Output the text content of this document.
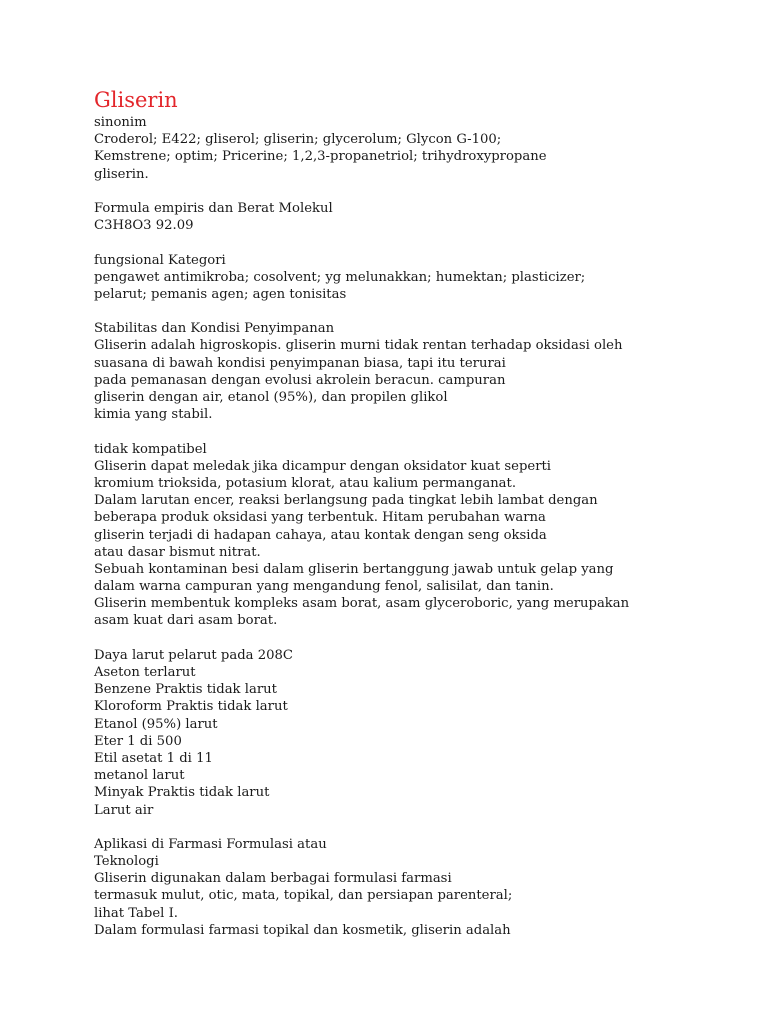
Gliserin
sinonim
Croderol; E422; gliserol; gliserin; glycerolum; Glycon G-100;
Kemstrene; optim; Pricerine; 1,2,3-propanetriol; trihydroxypropane
gliserin.
Formula empiris dan Berat Molekul
C3H8O3 92.09
fungsional Kategori
pengawet antimikroba; cosolvent; yg melunakkan; humektan; plasticizer;
pelarut; pemanis agen; agen tonisitas
Stabilitas dan Kondisi Penyimpanan
Gliserin adalah higroskopis. gliserin murni tidak rentan terhadap oksidasi oleh
suasana di bawah kondisi penyimpanan biasa, tapi itu terurai
pada pemanasan dengan evolusi akrolein beracun. campuran
gliserin dengan air, etanol (95%), dan propilen glikol
kimia yang stabil.
tidak kompatibel
Gliserin dapat meledak jika dicampur dengan oksidator kuat seperti
kromium trioksida, potasium klorat, atau kalium permanganat.
Dalam larutan encer, reaksi berlangsung pada tingkat lebih lambat dengan
beberapa produk oksidasi yang terbentuk. Hitam perubahan warna
gliserin terjadi di hadapan cahaya, atau kontak dengan seng oksida
atau dasar bismut nitrat.
Sebuah kontaminan besi dalam gliserin bertanggung jawab untuk gelap yang
dalam warna campuran yang mengandung fenol, salisilat, dan tanin.
Gliserin membentuk kompleks asam borat, asam glyceroboric, yang merupakan
asam kuat dari asam borat.
Daya larut pelarut pada 208C
Aseton terlarut
Benzene Praktis tidak larut
Kloroform Praktis tidak larut
Etanol (95%) larut
Eter 1 di 500
Etil asetat 1 di 11
metanol larut
Minyak Praktis tidak larut
Larut air
Aplikasi di Farmasi Formulasi atau
Teknologi
Gliserin digunakan dalam berbagai formulasi farmasi
termasuk mulut, otic, mata, topikal, dan persiapan parenteral;
lihat Tabel I.
Dalam formulasi farmasi topikal dan kosmetik, gliserin adalah
